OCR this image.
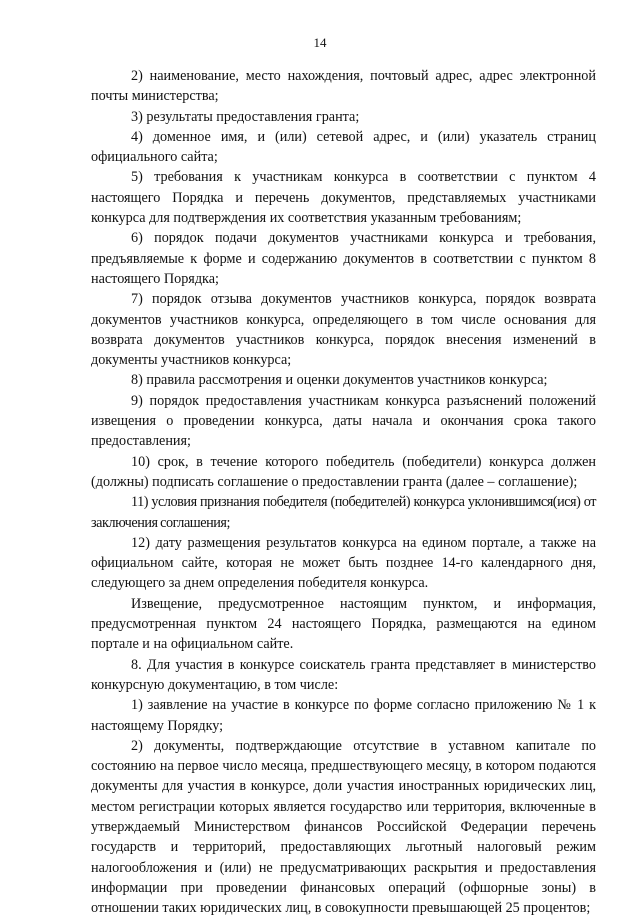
14

2) наименование, место нахождения, почтовый адрес, адрес электронной почты министерства;

3) результаты предоставления гранта;

4) доменное имя, и (или) сетевой адрес, и (или) указатель страниц официального сайта;

5) требования к участникам конкурса в соответствии с пунктом 4 настоящего Порядка и перечень документов, представляемых участниками конкурса для подтверждения их соответствия указанным требованиям;

6) порядок подачи документов участниками конкурса и требования, предъявляемые к форме и содержанию документов в соответствии с пунктом 8 настоящего Порядка;

7) порядок отзыва документов участников конкурса, порядок возврата документов участников конкурса, определяющего в том числе основания для возврата документов участников конкурса, порядок внесения изменений в документы участников конкурса;

8) правила рассмотрения и оценки документов участников конкурса;

9) порядок предоставления участникам конкурса разъяснений положений извещения о проведении конкурса, даты начала и окончания срока такого предоставления;

10) срок, в течение которого победитель (победители) конкурса должен (должны) подписать соглашение о предоставлении гранта (далее – соглашение);

11) условия признания победителя (победителей) конкурса уклонившимся(ися) от заключения соглашения;

12) дату размещения результатов конкурса на едином портале, а также на официальном сайте, которая не может быть позднее 14-го календарного дня, следующего за днем определения победителя конкурса.

Извещение, предусмотренное настоящим пунктом, и информация, предусмотренная пунктом 24 настоящего Порядка, размещаются на едином портале и на официальном сайте.

8. Для участия в конкурсе соискатель гранта представляет в министерство конкурсную документацию, в том числе:

1) заявление на участие в конкурсе по форме согласно приложению № 1 к настоящему Порядку;

2) документы, подтверждающие отсутствие в уставном капитале по состоянию на первое число месяца, предшествующего месяцу, в котором подаются документы для участия в конкурсе, доли участия иностранных юридических лиц, местом регистрации которых является государство или территория, включенные в утверждаемый Министерством финансов Российской Федерации перечень государств и территорий, предоставляющих льготный налоговый режим налогообложения и (или) не предусматривающих раскрытия и предоставления информации при проведении финансовых операций (офшорные зоны) в отношении таких юридических лиц, в совокупности превышающей 25 процентов;
